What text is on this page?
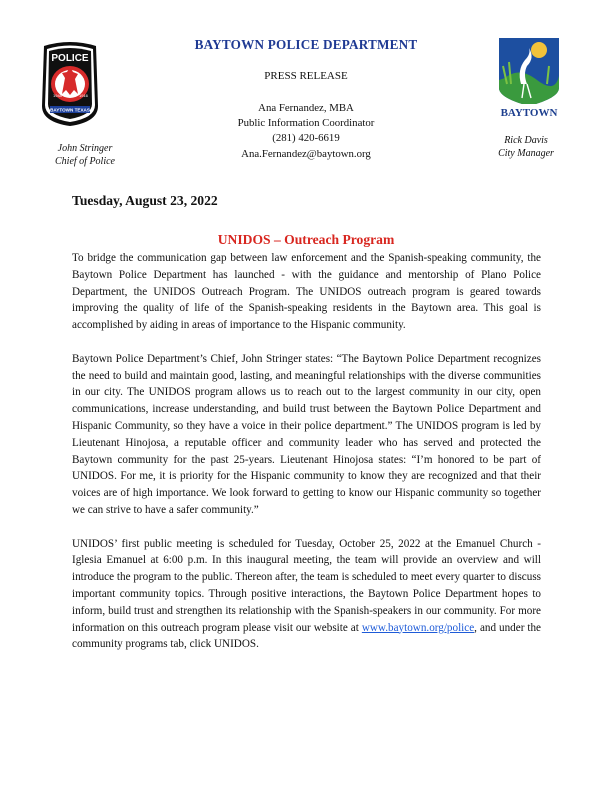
POLICE
1948	1916
BAYTOWN TEXAS	BAYTOWN
BAYTOWN POLICE DEPARTMENT
PRESS RELEASE
Ana Fernandez, MBA
Public Information Coordinator
(281) 420-6619
Ana.Fernandez@baytown.org
John Stringer
Chief of Police
Rick Davis
City Manager
Tuesday, August 23, 2022
UNIDOS – Outreach Program

To bridge the communication gap between law enforcement and the Spanish-speaking community, the Baytown Police Department has launched - with the guidance and mentorship of Plano Police Department, the UNIDOS Outreach Program. The UNIDOS outreach program is geared towards improving the quality of life of the Spanish-speaking residents in the Baytown area. This goal is accomplished by aiding in areas of importance to the Hispanic community.

Baytown Police Department’s Chief, John Stringer states: “The Baytown Police Department recognizes the need to build and maintain good, lasting, and meaningful relationships with the diverse communities in our city. The UNIDOS program allows us to reach out to the largest community in our city, open communications, increase understanding, and build trust between the Baytown Police Department and Hispanic Community, so they have a voice in their police department.” The UNIDOS program is led by Lieutenant Hinojosa, a reputable officer and community leader who has served and protected the Baytown community for the past 25-years. Lieutenant Hinojosa states: “I’m honored to be part of UNIDOS. For me, it is priority for the Hispanic community to know they are recognized and that their voices are of high importance. We look forward to getting to know our Hispanic community so together we can strive to have a safer community.”

UNIDOS’ first public meeting is scheduled for Tuesday, October 25, 2022 at the Emanuel Church - Iglesia Emanuel at 6:00 p.m. In this inaugural meeting, the team will provide an overview and will introduce the program to the public. Thereon after, the team is scheduled to meet every quarter to discuss important community topics. Through positive interactions, the Baytown Police Department hopes to inform, build trust and strengthen its relationship with the Spanish-speakers in our community. For more information on this outreach program please visit our website at www.baytown.org/police, and under the community programs tab, click UNIDOS.
